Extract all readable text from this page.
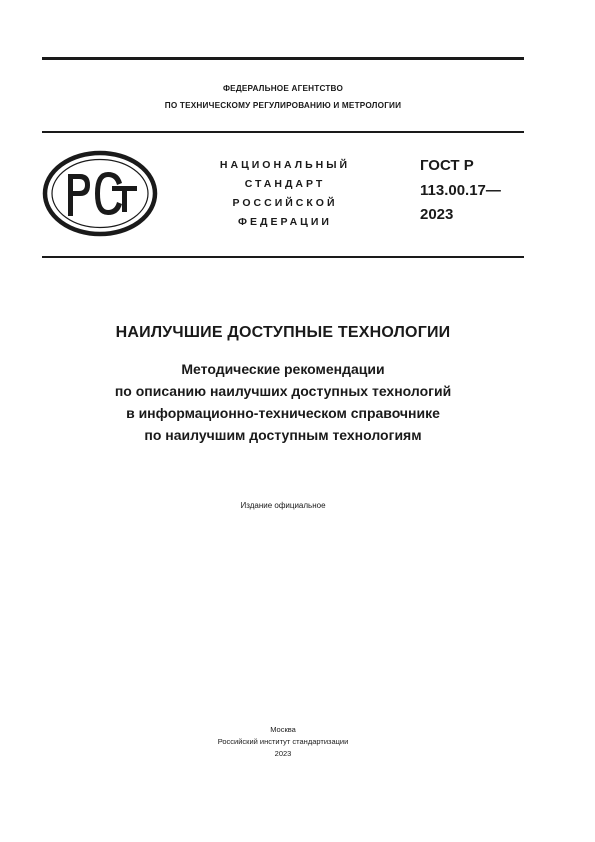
ФЕДЕРАЛЬНОЕ АГЕНТСТВО
ПО ТЕХНИЧЕСКОМУ РЕГУЛИРОВАНИЮ И МЕТРОЛОГИИ
НАЦИОНАЛЬНЫЙ
СТАНДАРТ
РОССИЙСКОЙ
ФЕДЕРАЦИИ
ГОСТ Р
113.00.17—
2023
НАИЛУЧШИЕ ДОСТУПНЫЕ ТЕХНОЛОГИИ
Методические рекомендации
по описанию наилучших доступных технологий
в информационно-техническом справочнике
по наилучшим доступным технологиям
Издание официальное
Москва
Российский институт стандартизации
2023
